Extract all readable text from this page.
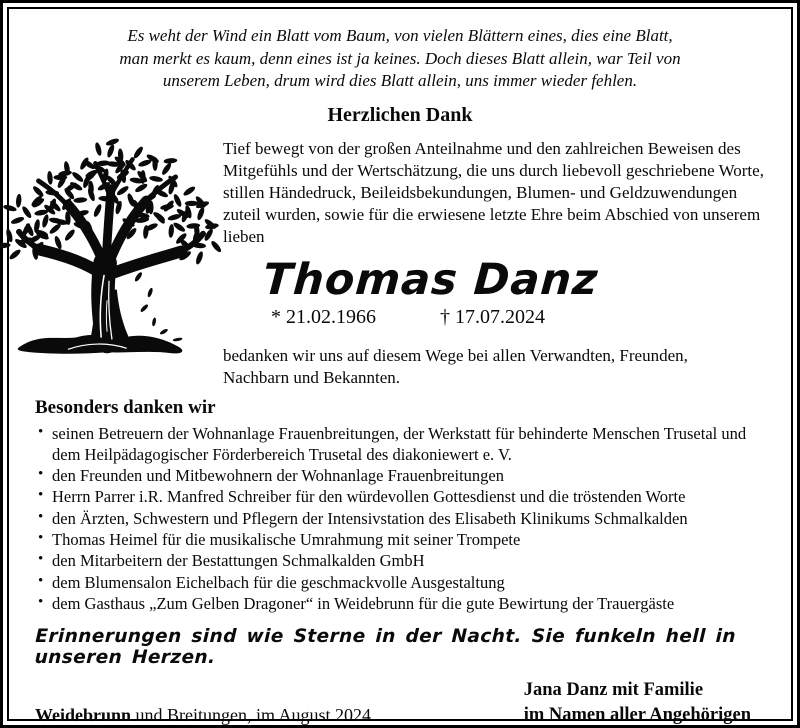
Es weht der Wind ein Blatt vom Baum, von vielen Blättern eines, dies eine Blatt,
man merkt es kaum, denn eines ist ja keines. Doch dieses Blatt allein, war Teil von
unserem Leben, drum wird dies Blatt allein, uns immer wieder fehlen.
Herzlichen Dank

Tief bewegt von der großen Anteilnahme und den zahlreichen Beweisen des Mitgefühls und der Wertschätzung, die uns durch liebevoll geschriebene Worte, stillen Händedruck, Beileidsbekundungen, Blumen- und Geldzuwendungen zuteil wurden, sowie für die erwiesene letzte Ehre beim Abschied von unserem lieben

Thomas Danz
* 21.02.1966	† 17.07.2024

bedanken wir uns auf diesem Wege bei allen Verwandten, Freunden, Nachbarn und Bekannten.

Besonders danken wir
• seinen Betreuern der Wohnanlage Frauenbreitungen, der Werkstatt für behinderte Menschen Trusetal und dem Heilpädagogischer Förderbereich Trusetal des diakoniewert e. V.
• den Freunden und Mitbewohnern der Wohnanlage Frauenbreitungen
• Herrn Parrer i.R. Manfred Schreiber für den würdevollen Gottesdienst und die tröstenden Worte
• den Ärzten, Schwestern und Pflegern der Intensivstation des Elisabeth Klinikums Schmalkalden
• Thomas Heimel für die musikalische Umrahmung mit seiner Trompete
• den Mitarbeitern der Bestattungen Schmalkalden GmbH
• dem Blumensalon Eichelbach für die geschmackvolle Ausgestaltung
• dem Gasthaus „Zum Gelben Dragoner“ in Weidebrunn für die gute Bewirtung der Trauergäste
Erinnerungen sind wie Sterne in der Nacht. Sie funkeln hell in unseren Herzen.
Weidebrunn und Breitungen, im August 2024
Jana Danz mit Familie
im Namen aller Angehörigen
